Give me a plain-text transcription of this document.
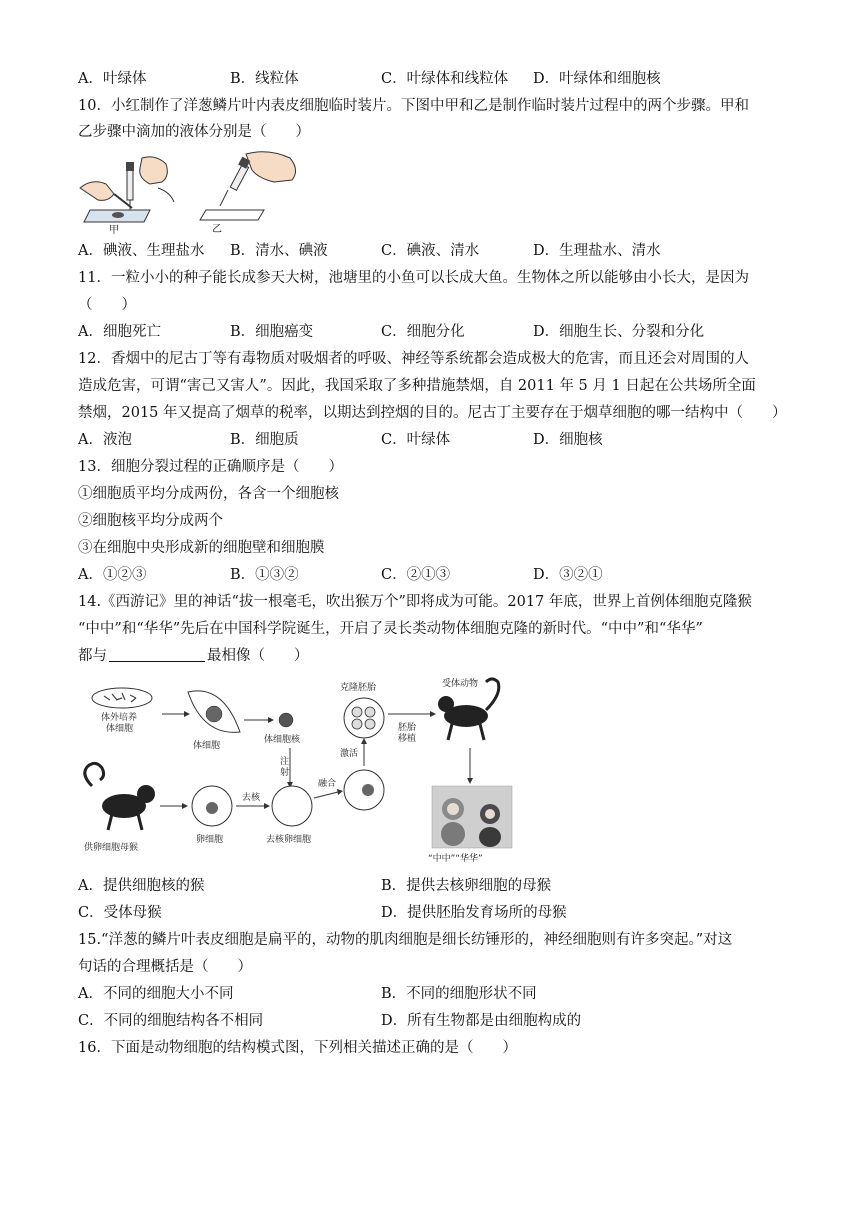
A．叶绿体	B．线粒体	C．叶绿体和线粒体 D．叶绿体和细胞核
10．小红制作了洋葱鳞片叶内表皮细胞临时装片。下图中甲和乙是制作临时装片过程中的两个步骤。甲和
乙步骤中滴加的液体分别是（　　）
甲	乙
A．碘液、生理盐水 B．清水、碘液	C．碘液、清水	D．生理盐水、清水
11．一粒小小的种子能长成参天大树，池塘里的小鱼可以长成大鱼。生物体之所以能够由小长大，是因为
（　　）
A．细胞死亡	B．细胞癌变	C．细胞分化	D．细胞生长、分裂和分化
12．香烟中的尼古丁等有毒物质对吸烟者的呼吸、神经等系统都会造成极大的危害，而且还会对周围的人
造成危害，可谓“害己又害人”。因此，我国采取了多种措施禁烟，自 2011 年 5 月 1 日起在公共场所全面
禁烟，2015 年又提高了烟草的税率，以期达到控烟的目的。尼古丁主要存在于烟草细胞的哪一结构中（　　）
A．液泡	B．细胞质	C．叶绿体	D．细胞核
13．细胞分裂过程的正确顺序是（　　）
①细胞质平均分成两份，各含一个细胞核
②细胞核平均分成两个
③在细胞中央形成新的细胞壁和细胞膜
A．①②③	B．①③②	C．②①③	D．③②①
14.《西游记》里的神话“拔一根毫毛，吹出猴万个”即将成为可能。2017 年底，世界上首例体细胞克隆猴
“中中”和“华华”先后在中国科学院诞生，开启了灵长类动物体细胞克隆的新时代。“中中”和“华华”
都与	最相像（　　）
体外培养体细胞
体细胞
体细胞核
注
射
克隆胚胎
胚胎
移植
受体动物
“中中”“华华”
激活
供卵细胞母猴
卵细胞
去核
去核卵细胞
融合
A．提供细胞核的猴	B．提供去核卵细胞的母猴
C．受体母猴	D．提供胚胎发育场所的母猴
15.“洋葱的鳞片叶表皮细胞是扁平的，动物的肌肉细胞是细长纺锤形的，神经细胞则有许多突起。”对这
句话的合理概括是（　　）
A．不同的细胞大小不同	B．不同的细胞形状不同
C．不同的细胞结构各不相同	D．所有生物都是由细胞构成的
16．下面是动物细胞的结构模式图，下列相关描述正确的是（　　）
